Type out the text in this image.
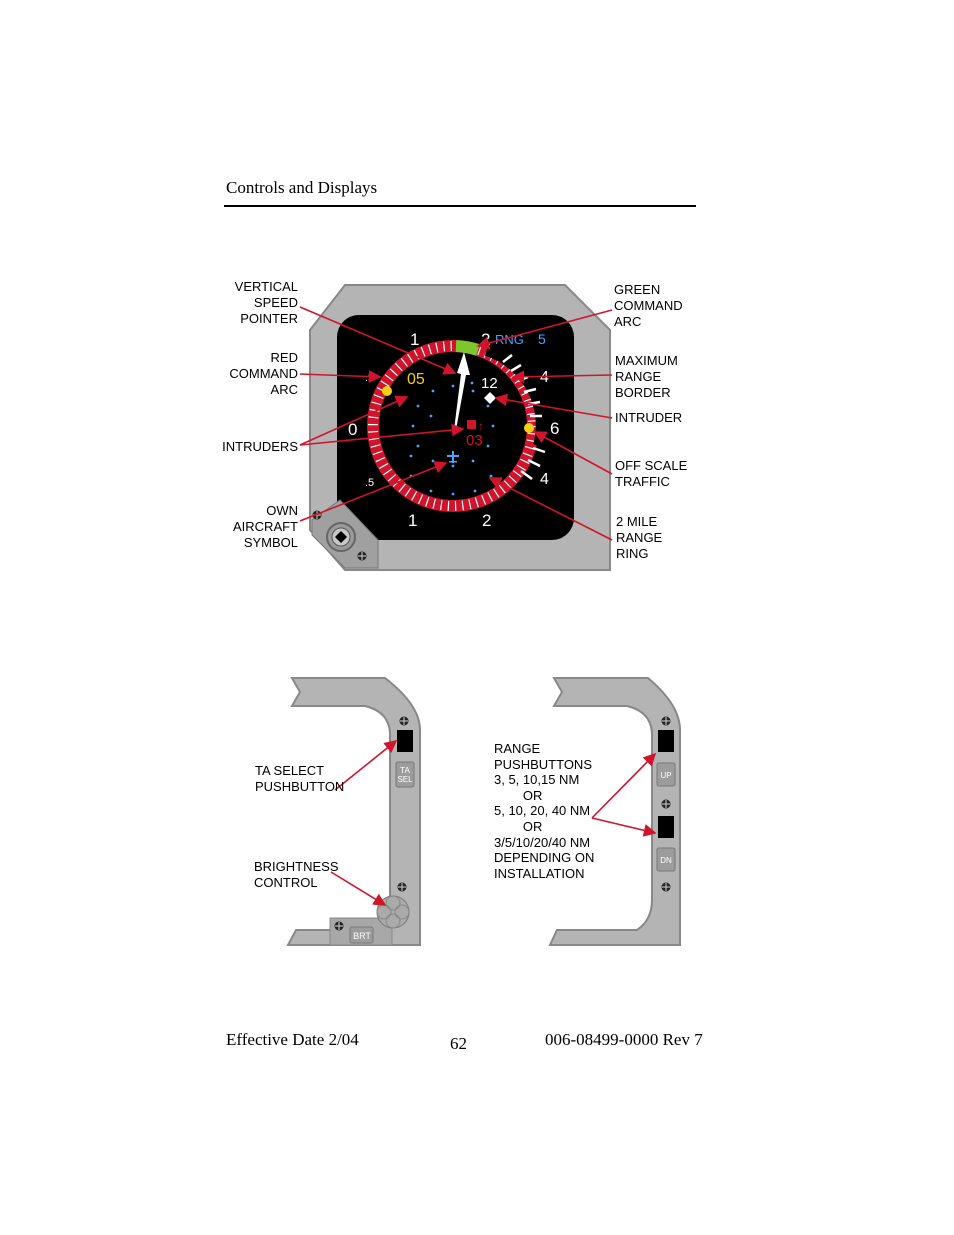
Controls and Displays
1	2 RNG 5
4
.5
0	6
4
.5
1	2
05	12
↑
03
TA
SEL
BRT
UP
DN
VERTICAL
SPEED
POINTER
RED
COMMAND
ARC
INTRUDERS
OWN
AIRCRAFT
SYMBOL
GREEN
COMMAND
ARC
MAXIMUM
RANGE
BORDER
INTRUDER
OFF SCALE
TRAFFIC
2 MILE
RANGE
RING
TA SELECT
PUSHBUTTON
BRIGHTNESS
CONTROL
RANGE
PUSHBUTTONS
3, 5, 10,15 NM
OR
5, 10, 20, 40 NM
OR
3/5/10/20/40 NM
DEPENDING ON
INSTALLATION
Effective Date 2/04	62	006-08499-0000 Rev 7
